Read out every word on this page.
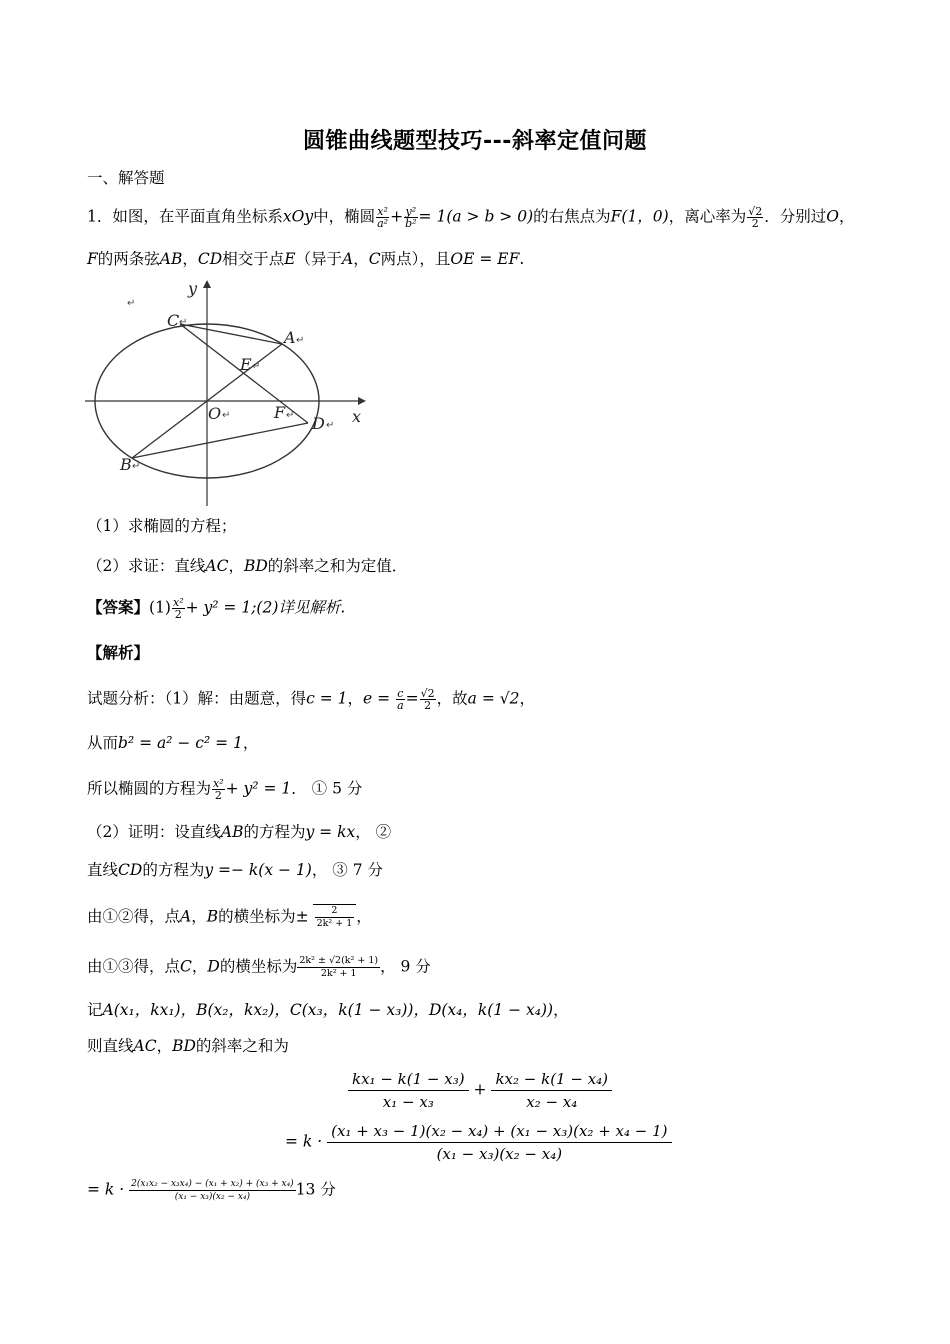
圆锥曲线题型技巧---斜率定值问题
一、解答题
1．如图，在平面直角坐标系xOy中，椭圆 $\frac{\text{x²}}{\text{a²}} + \frac{\text{y²}}{\text{b²}} = 1(a > b > 0)$的右焦点为F(1，0)，离心率为 $\frac{√2}{2}$ ．分别过O，
F的两条弦AB，CD相交于点E（异于A，C两点），且OE = EF.
y
x
C ↵
A ↵
E ↵
O ↵	F ↵ D ↵
B ↵
↵
（1）求椭圆的方程；
（2）求证：直线AC，BD的斜率之和为定值．
【答案】$(1) \frac{\text{x²}}{2} + y^2$ = 1;(2)详见解析.
【解析】
试题分析：（1）解：由题意，得c = 1，$e = \frac{c}{a} = \frac{√2}{2}$ ，故a = √2，
从而b² = a² − c² = 1，
所以椭圆的方程为 $\frac{\text{x²}}{2} + y^2 = 1$． ① 5 分
（2）证明：设直线AB的方程为y = kx， ②
直线CD的方程为y =− k(x − 1)， ③ 7 分
由①②得，点A，B的横坐标为± $\frac{2}{\text{2k² + 1}}$ ，
由①③得，点C，D的横坐标为 $\frac{\text{2k² ± √2(k² + 1)}}{\text{2k² + 1}}$ ， 9 分
记A(x₁，kx₁)，B(x₂，kx₂)，C(x₃，k(1 − x₃))，D(x₄，k(1 − x₄))，
则直线AC，BD的斜率之和为
$\frac{\text{kx₁ − k(1 − x₃)}}{\text{x₁ − x₃}} + \frac{\text{kx₂ − k(1 − x₄)}}{\text{x₂ − x₄}}$
= $k \cdot \frac{\text{(x₁ + x₃ − 1)(x₂ − x₄) + (x₁ − x₃)(x₂ + x₄ − 1)}}{\text{(x₁ − x₃)(x₂ − x₄)}}$
= $k \cdot \frac{\text{2(x₁x₂ − x₃x₄) − (x₁ + x₂) + (x₃ + x₄)}}{\text{(x₁ − x₃)(x₂ − x₄)}} 13$ 分
